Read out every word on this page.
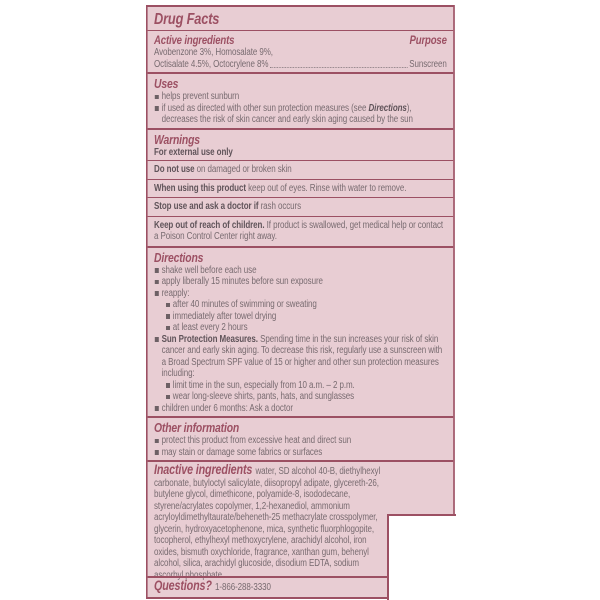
Drug Facts
Active ingredients	Purpose
Avobenzone 3%, Homosalate 9%,
Octisalate 4.5%, Octocrylene 8%	Sunscreen
Uses
helps prevent sunburn
if used as directed with other sun protection measures (see Directions), decreases the risk of skin cancer and early skin aging caused by the sun
Warnings
For external use only
Do not use on damaged or broken skin
When using this product keep out of eyes. Rinse with water to remove.
Stop use and ask a doctor if rash occurs
Keep out of reach of children. If product is swallowed, get medical help or contact a Poison Control Center right away.
Directions
shake well before each use
apply liberally 15 minutes before sun exposure
reapply:
after 40 minutes of swimming or sweating
immediately after towel drying
at least every 2 hours
Sun Protection Measures. Spending time in the sun increases your risk of skin cancer and early skin aging. To decrease this risk, regularly use a sunscreen with a Broad Spectrum SPF value of 15 or higher and other sun protection measures including:
limit time in the sun, especially from 10 a.m. – 2 p.m.
wear long-sleeve shirts, pants, hats, and sunglasses
children under 6 months: Ask a doctor
Other information
protect this product from excessive heat and direct sun
may stain or damage some fabrics or surfaces
Inactive ingredients water, SD alcohol 40-B, diethylhexyl carbonate, butyloctyl salicylate, diisopropyl adipate, glycereth-26, butylene glycol, dimethicone, polyamide-8, isododecane, styrene/acrylates copolymer, 1,2-hexanediol, ammonium acryloyldimethyltaurate/beheneth-25 methacrylate crosspolymer, glycerin, hydroxyacetophenone, mica, synthetic fluorphlogopite, tocopherol, ethylhexyl methoxycrylene, arachidyl alcohol, iron oxides, bismuth oxychloride, fragrance, xanthan gum, behenyl alcohol, silica, arachidyl glucoside, disodium EDTA, sodium ascorbyl phosphate
Questions? 1-866-288-3330
